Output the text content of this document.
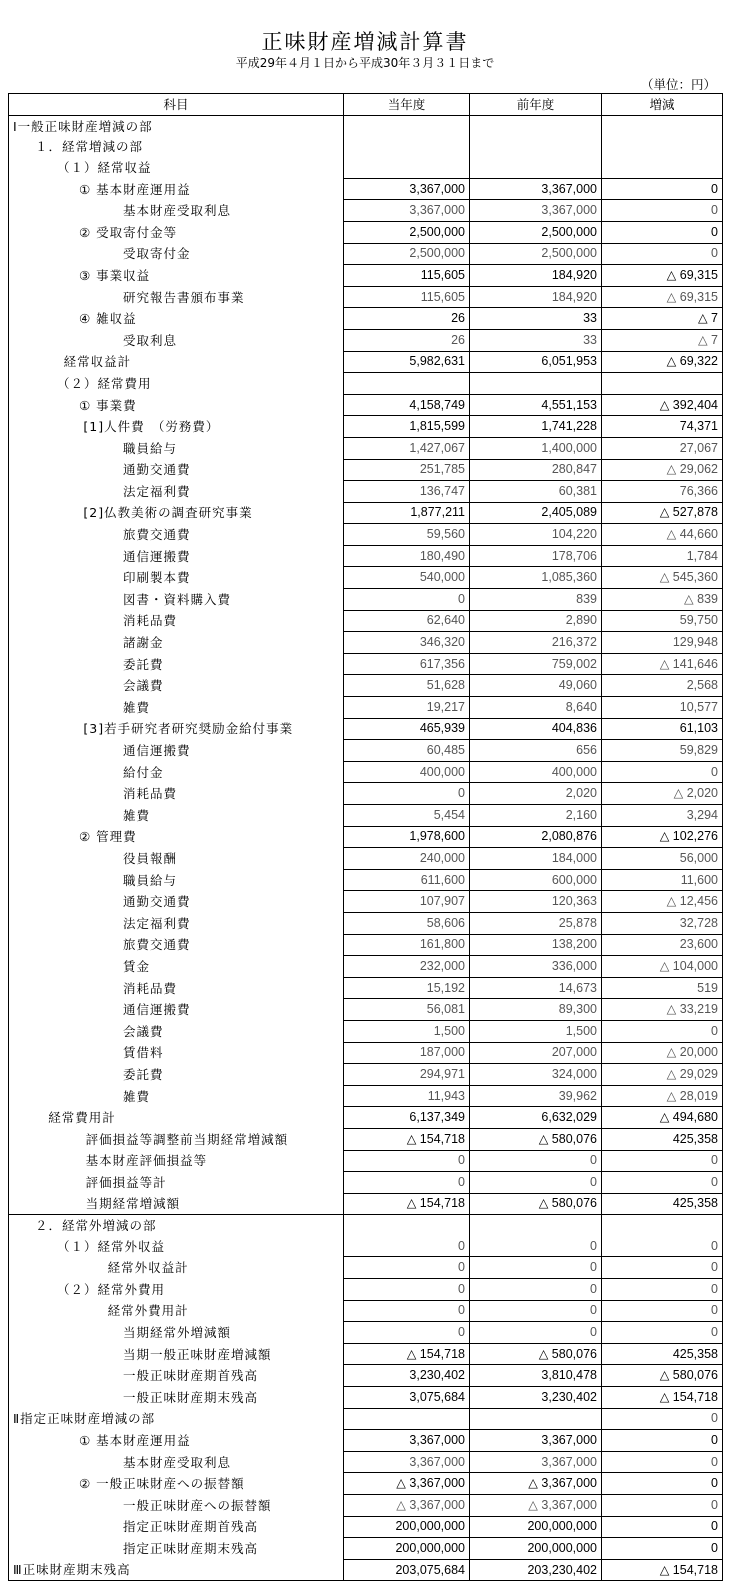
正味財産増減計算書
平成29年４月１日から平成30年３月３１日まで
（単位：円）
科目	当年度	前年度	増減
Ⅰ一般正味財産増減の部			
１．経常増減の部			
（１）経常収益			
① 基本財産運用益	3,367,000	3,367,000	0
基本財産受取利息	3,367,000	3,367,000	0
② 受取寄付金等	2,500,000	2,500,000	0
受取寄付金	2,500,000	2,500,000	0
③ 事業収益	115,605	184,920	△ 69,315
研究報告書頒布事業	115,605	184,920	△ 69,315
④ 雑収益	26	33	△ 7
受取利息	26	33	△ 7
経常収益計	5,982,631	6,051,953	△ 69,322
（２）経常費用			
① 事業費	4,158,749	4,551,153	△ 392,404
[1]人件費　（労務費）	1,815,599	1,741,228	74,371
職員給与	1,427,067	1,400,000	27,067
通勤交通費	251,785	280,847	△ 29,062
法定福利費	136,747	60,381	76,366
[2]仏教美術の調査研究事業	1,877,211	2,405,089	△ 527,878
旅費交通費	59,560	104,220	△ 44,660
通信運搬費	180,490	178,706	1,784
印刷製本費	540,000	1,085,360	△ 545,360
図書・資料購入費	0	839	△ 839
消耗品費	62,640	2,890	59,750
諸謝金	346,320	216,372	129,948
委託費	617,356	759,002	△ 141,646
会議費	51,628	49,060	2,568
雑費	19,217	8,640	10,577
[3]若手研究者研究奨励金給付事業	465,939	404,836	61,103
通信運搬費	60,485	656	59,829
給付金	400,000	400,000	0
消耗品費	0	2,020	△ 2,020
雑費	5,454	2,160	3,294
② 管理費	1,978,600	2,080,876	△ 102,276
役員報酬	240,000	184,000	56,000
職員給与	611,600	600,000	11,600
通勤交通費	107,907	120,363	△ 12,456
法定福利費	58,606	25,878	32,728
旅費交通費	161,800	138,200	23,600
賃金	232,000	336,000	△ 104,000
消耗品費	15,192	14,673	519
通信運搬費	56,081	89,300	△ 33,219
会議費	1,500	1,500	0
賃借料	187,000	207,000	△ 20,000
委託費	294,971	324,000	△ 29,029
雑費	11,943	39,962	△ 28,019
経常費用計	6,137,349	6,632,029	△ 494,680
評価損益等調整前当期経常増減額	△ 154,718	△ 580,076	425,358
基本財産評価損益等	0	0	0
評価損益等計	0	0	0
当期経常増減額	△ 154,718	△ 580,076	425,358
２．経常外増減の部			
（１）経常外収益	0	0	0
経常外収益計	0	0	0
（２）経常外費用	0	0	0
経常外費用計	0	0	0
当期経常外増減額	0	0	0
当期一般正味財産増減額	△ 154,718	△ 580,076	425,358
一般正味財産期首残高	3,230,402	3,810,478	△ 580,076
一般正味財産期末残高	3,075,684	3,230,402	△ 154,718
Ⅱ指定正味財産増減の部			0
① 基本財産運用益	3,367,000	3,367,000	0
基本財産受取利息	3,367,000	3,367,000	0
② 一般正味財産への振替額	△ 3,367,000	△ 3,367,000	0
一般正味財産への振替額	△ 3,367,000	△ 3,367,000	0
指定正味財産期首残高	200,000,000	200,000,000	0
指定正味財産期末残高	200,000,000	200,000,000	0
Ⅲ正味財産期末残高	203,075,684	203,230,402	△ 154,718
